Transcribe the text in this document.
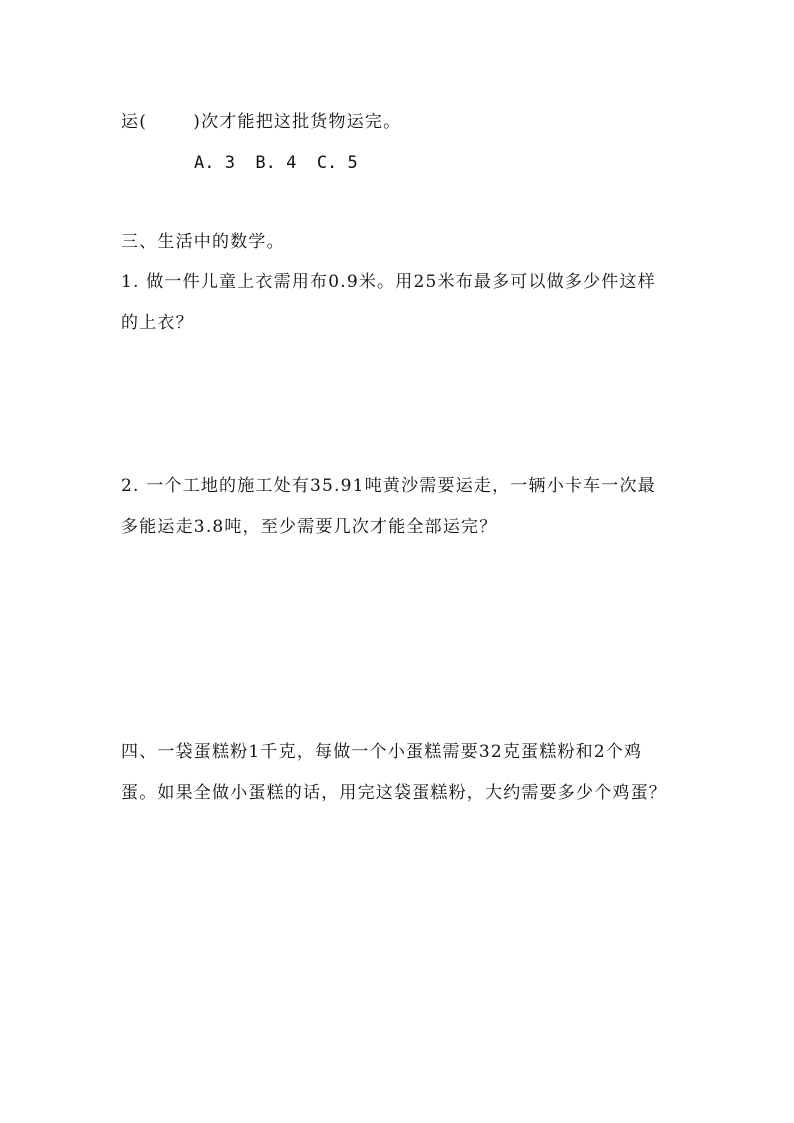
运(       )次才能把这批货物运完。
A. 3  B. 4  C. 5
三、生活中的数学。
1. 做一件儿童上衣需用布0.9米。用25米布最多可以做多少件这样
的上衣？
2. 一个工地的施工处有35.91吨黄沙需要运走，一辆小卡车一次最
多能运走3.8吨，至少需要几次才能全部运完？
四、一袋蛋糕粉1千克，每做一个小蛋糕需要32克蛋糕粉和2个鸡
蛋。如果全做小蛋糕的话，用完这袋蛋糕粉，大约需要多少个鸡蛋？
